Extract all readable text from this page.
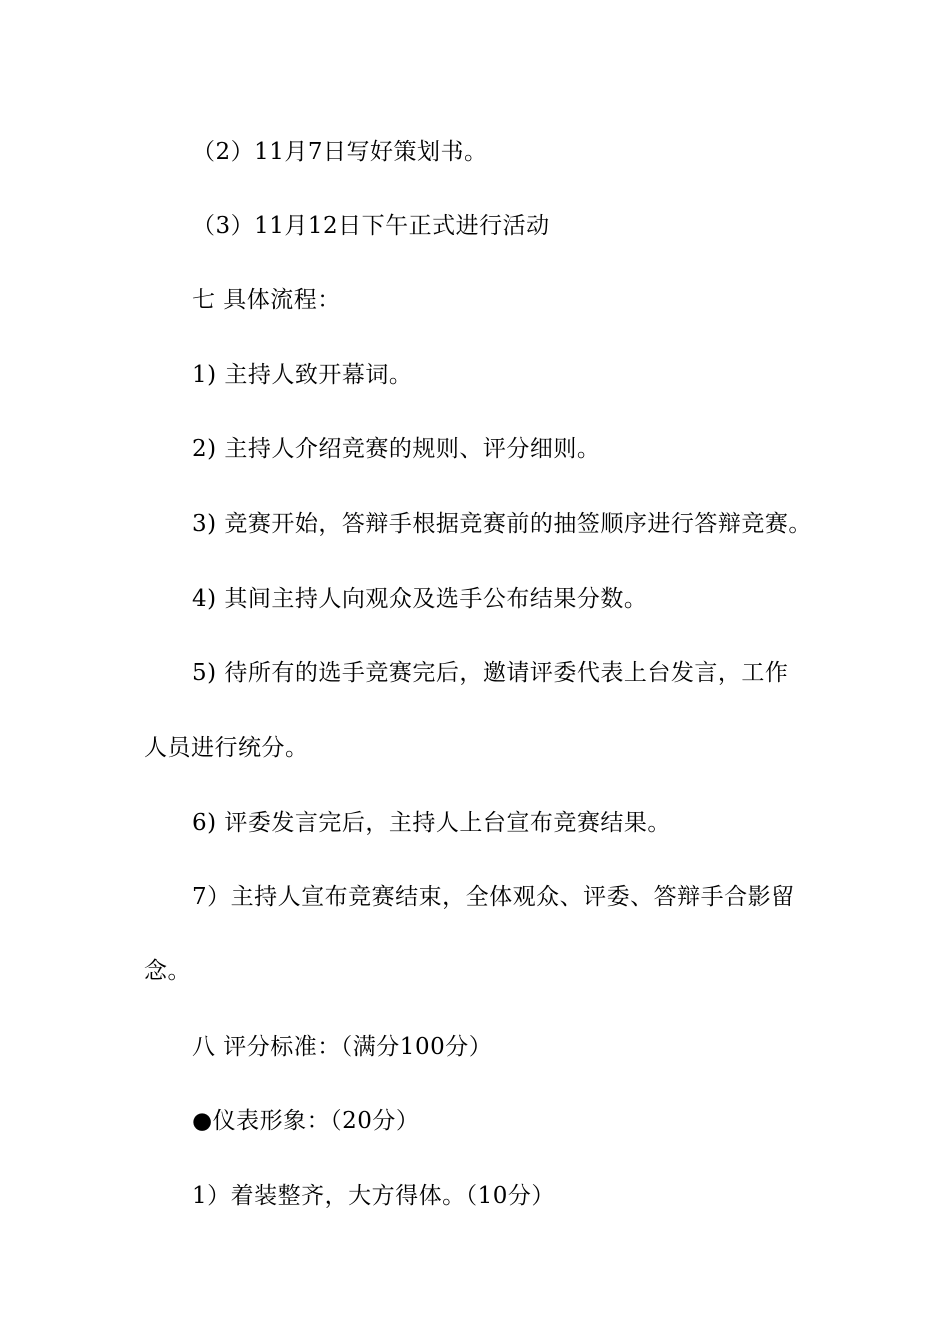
（2）11月7日写好策划书。
（3）11月12日下午正式进行活动
七 具体流程：
1) 主持人致开幕词。
2) 主持人介绍竞赛的规则、评分细则。
3) 竞赛开始，答辩手根据竞赛前的抽签顺序进行答辩竞赛。
4) 其间主持人向观众及选手公布结果分数。
5) 待所有的选手竞赛完后，邀请评委代表上台发言，工作
人员进行统分。
6) 评委发言完后，主持人上台宣布竞赛结果。
7）主持人宣布竞赛结束，全体观众、评委、答辩手合影留
念。
八 评分标准：（满分100分）
●仪表形象：（20分）
1）着装整齐，大方得体。（10分）
